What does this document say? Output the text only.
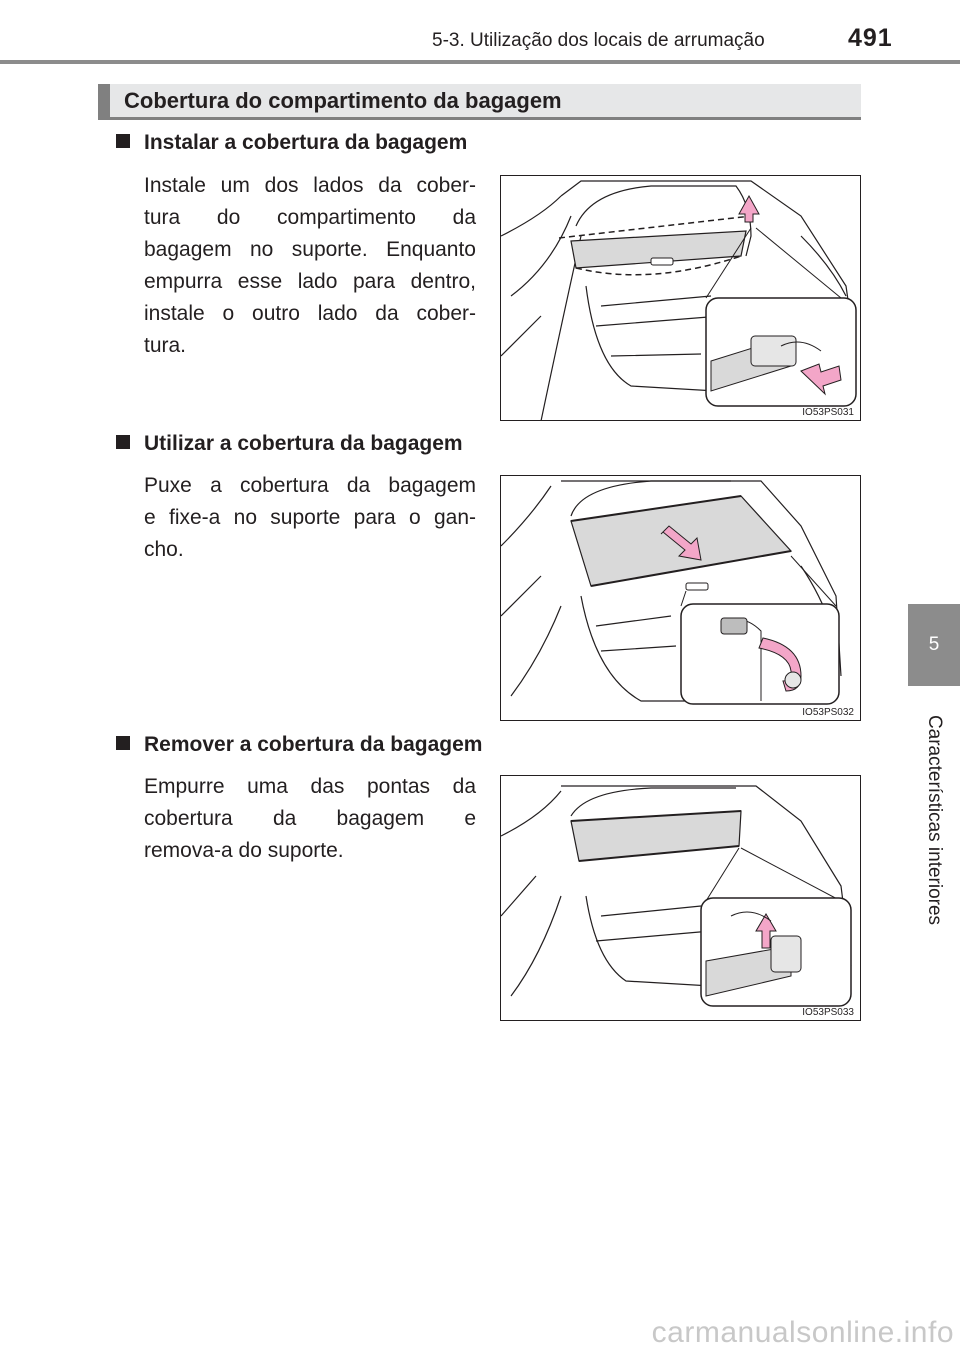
5-3. Utilização dos locais de arrumação	491
5
Características interiores
Cobertura do compartimento da bagagem
Instalar a cobertura da bagagem
Instale um dos lados da cober-
tura do compartimento da
bagagem no suporte. Enquanto
empurra esse lado para dentro,
instale o outro lado da cober-
tura.
IO53PS031
Utilizar a cobertura da bagagem
Puxe a cobertura da bagagem
e fixe-a no suporte para o gan-
cho.
IO53PS032
Remover a cobertura da bagagem
Empurre uma das pontas da
cobertura da bagagem e
remova-a do suporte.
IO53PS033
carmanualsonline.info
